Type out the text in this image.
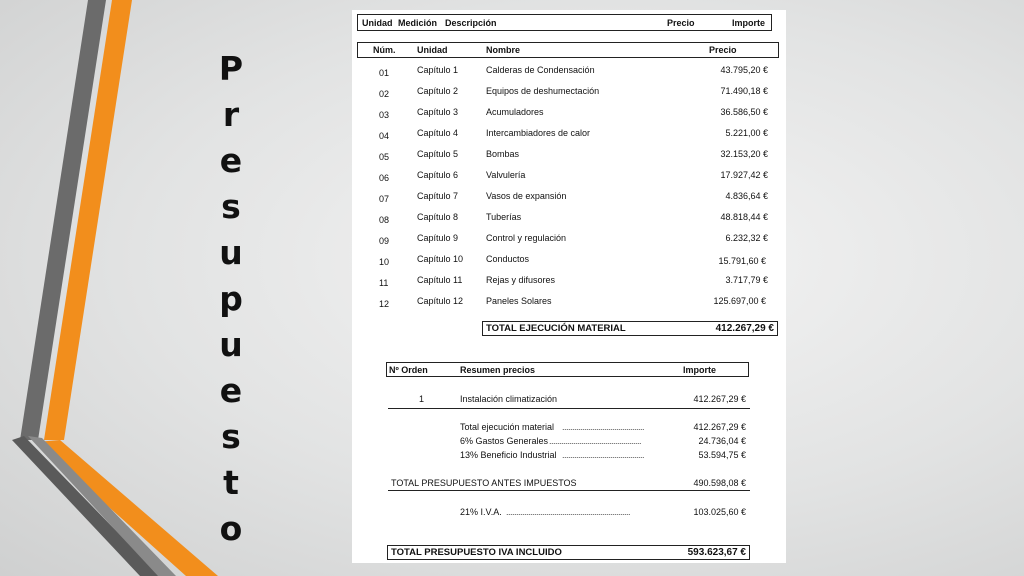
P
r
e
s
u
p
u
e
s
t
o
Unidad Medición Descripción	Precio	Importe
Núm. Unidad	Nombre	Precio
01	Capítulo 1	Calderas de Condensación	43.795,20 €
02	Capítulo 2	Equipos de deshumectación	71.490,18 €
03	Capítulo 3	Acumuladores	36.586,50 €
04	Capítulo 4	Intercambiadores de calor	5.221,00 €
05	Capítulo 5	Bombas	32.153,20 €
06	Capítulo 6	Valvulería	17.927,42 €
07	Capítulo 7	Vasos de expansión	4.836,64 €
08	Capítulo 8	Tuberías	48.818,44 €
09	Capítulo 9	Control y regulación	6.232,32 €
10	Capítulo 10	Conductos	15.791,60 €
11	Capítulo 11	Rejas y difusores	3.717,79 €
12	Capítulo 12	Paneles Solares	125.697,00 €
TOTAL EJECUCIÓN MATERIAL	412.267,29 €
Nº Orden	Resumen precios	Importe
1	Instalación climatización	412.267,29 €
Total ejecución material .........................................	412.267,29 €
6% Gastos Generales ..............................................	24.736,04 €
13% Beneficio Industrial .........................................	53.594,75 €
TOTAL PRESUPUESTO ANTES IMPUESTOS	490.598,08 €
21% I.V.A. ..............................................................	103.025,60 €
TOTAL PRESUPUESTO IVA INCLUIDO	593.623,67 €
